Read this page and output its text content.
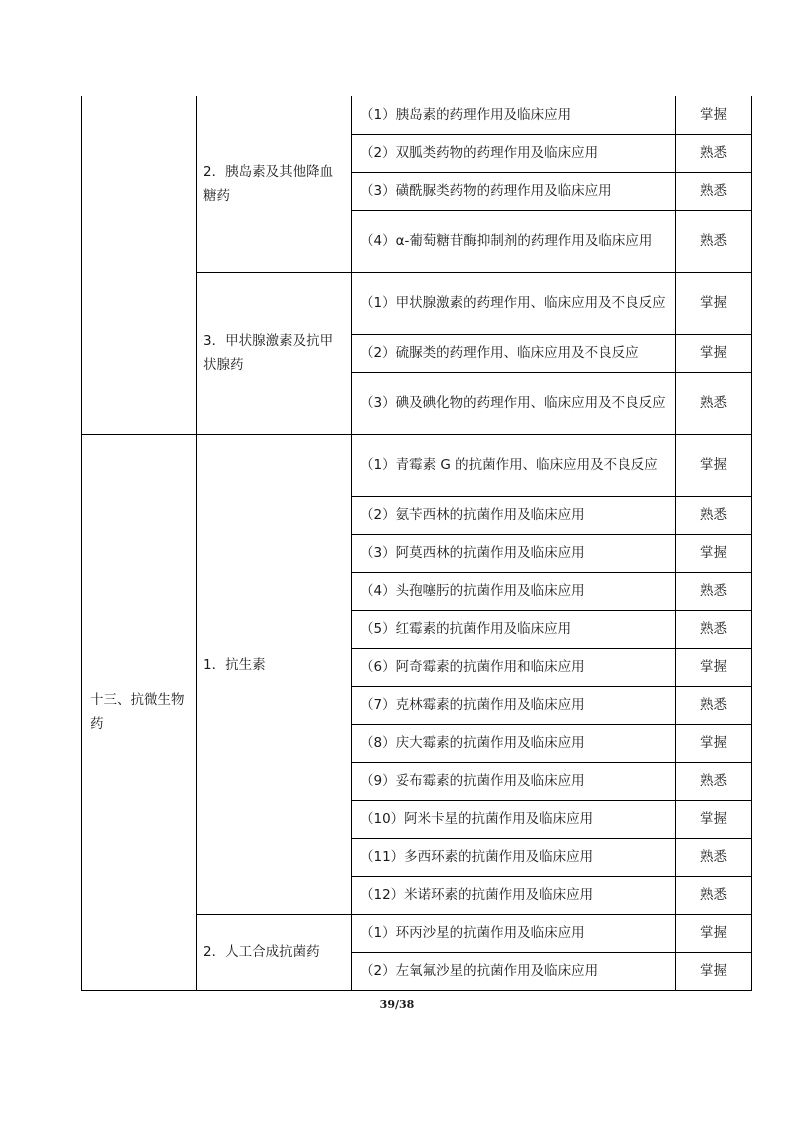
	2．胰岛素及其他降血糖药	（1）胰岛素的药理作用及临床应用	掌握

		（2）双胍类药物的药理作用及临床应用	熟悉

		（3）磺酰脲类药物的药理作用及临床应用	熟悉

		（4）α-葡萄糖苷酶抑制剂的药理作用及临床应用	熟悉

	3．甲状腺激素及抗甲状腺药	（1）甲状腺激素的药理作用、临床应用及不良反应	掌握

		（2）硫脲类的药理作用、临床应用及不良反应	掌握

		（3）碘及碘化物的药理作用、临床应用及不良反应	熟悉

十三、抗微生物药	1．抗生素	（1）青霉素 G 的抗菌作用、临床应用及不良反应	掌握

		（2）氨苄西林的抗菌作用及临床应用	熟悉

		（3）阿莫西林的抗菌作用及临床应用	掌握

		（4）头孢噻肟的抗菌作用及临床应用	熟悉

		（5）红霉素的抗菌作用及临床应用	熟悉

		（6）阿奇霉素的抗菌作用和临床应用	掌握

		（7）克林霉素的抗菌作用及临床应用	熟悉

		（8）庆大霉素的抗菌作用及临床应用	掌握

		（9）妥布霉素的抗菌作用及临床应用	熟悉

		（10）阿米卡星的抗菌作用及临床应用	掌握

		（11）多西环素的抗菌作用及临床应用	熟悉

		（12）米诺环素的抗菌作用及临床应用	熟悉

	2．人工合成抗菌药	（1）环丙沙星的抗菌作用及临床应用	掌握

		（2）左氧氟沙星的抗菌作用及临床应用	掌握
39/38
